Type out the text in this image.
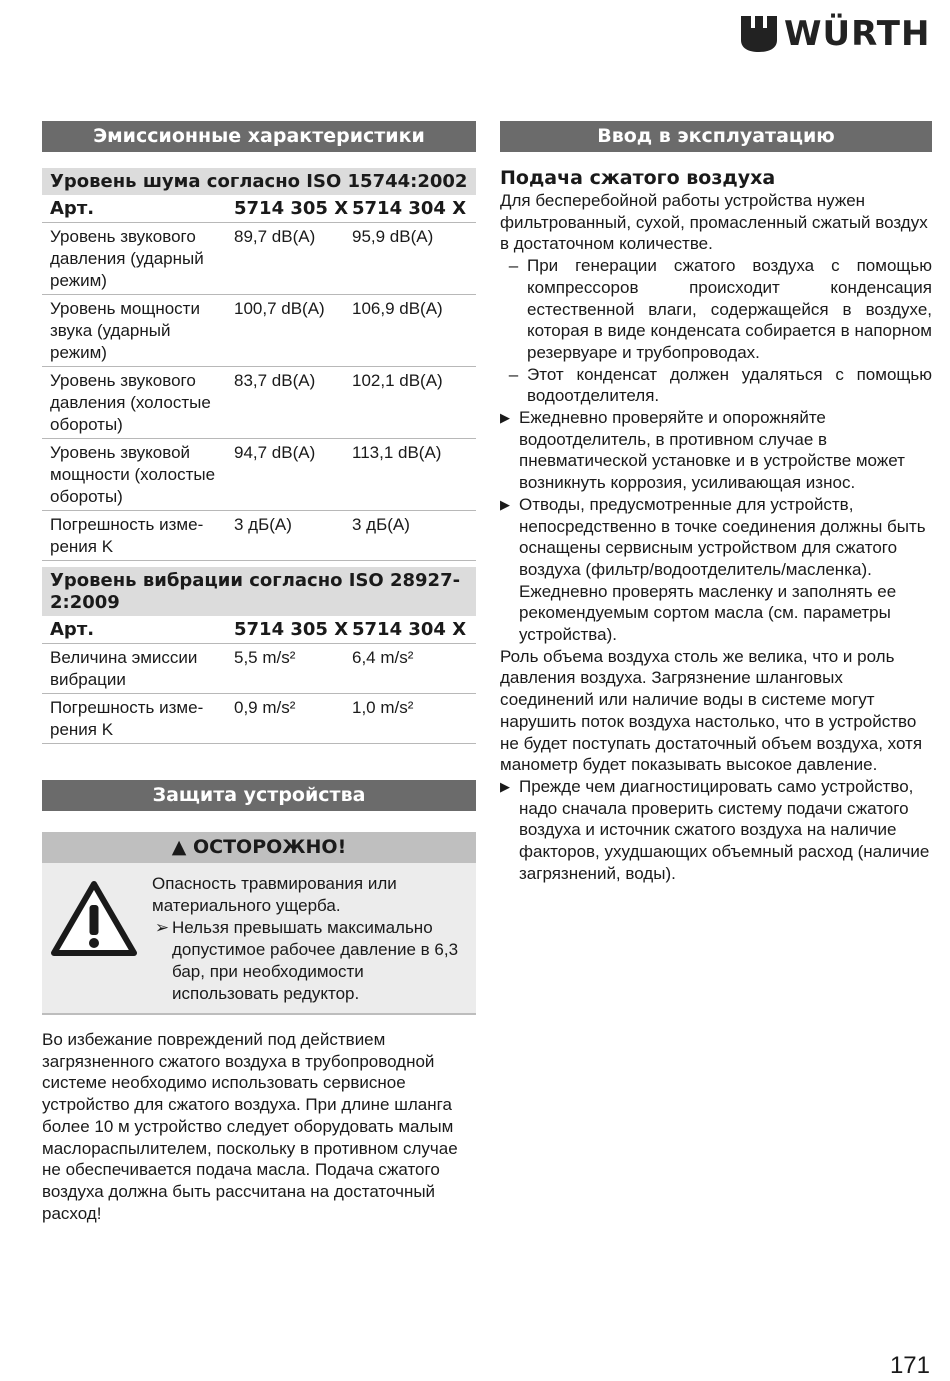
WÜRTH
Эмиссионные характеристики
Уровень шума согласно ISO 15744:2002
Арт.	5714 305 X 5714 304 X
Уровень звукового давления (ударный режим)
89,7 dB(A)	95,9 dB(A)
Уровень мощности звука (ударный режим)
100,7 dB(A)	106,9 dB(A)
Уровень звукового давления (холостые обороты)
83,7 dB(A)	102,1 dB(A)
Уровень звуковой мощности (холостые обороты)
94,7 dB(A)	113,1 dB(A)
Погрешность изме- рения K
3 дБ(A)	3 дБ(A)
Уровень вибрации согласно ISO 28927-2:2009
Арт.	5714 305 X 5714 304 X
Величина эмиссии вибрации
5,5 m/s²	6,4 m/s²
Погрешность изме- рения K
0,9 m/s²	1,0 m/s²
Защита устройства
▲ ОСТОРОЖНО!
Опасность травмирования или материального ущерба.
➢ Нельзя превышать максимально допустимое рабочее давление в 6,3 бар, при необходимости использовать редуктор.

Во избежание повреждений под действием загрязненного сжатого воздуха в трубопроводной системе необходимо использовать сервисное устройство для сжатого воздуха. При длине шланга более 10 м устройство следует оборудовать малым маслораспылителем, поскольку в противном случае не обеспечивается подача масла. Подача сжатого воздуха должна быть рассчитана на достаточный расход!

Ввод в эксплуатацию
Подача сжатого воздуха

Для бесперебойной работы устройства нужен фильтрованный, сухой, промасленный сжатый воздух в достаточном количестве.

– При генерации сжатого воздуха с помощью компрессоров происходит конденсация естественной влаги, содержащейся в воздухе, которая в виде конденсата собирается в напорном резервуаре и трубопроводах.
– Этот конденсат должен удаляться с помощью водоотделителя.
▶ Ежедневно проверяйте и опорожняйте водоотделитель, в противном случае в пневматической установке и в устройстве может возникнуть коррозия, усиливающая износ.
▶ Отводы, предусмотренные для устройств, непосредственно в точке соединения должны быть оснащены сервисным устройством для сжатого воздуха (фильтр/водоотделитель/масленка). Ежедневно проверять масленку и заполнять ее рекомендуемым сортом масла (см. параметры устройства).

Роль объема воздуха столь же велика, что и роль давления воздуха. Загрязнение шланговых соединений или наличие воды в системе могут нарушить поток воздуха настолько, что в устройство не будет поступать достаточный объем воздуха, хотя манометр будет показывать высокое давление.

▶ Прежде чем диагностицировать само устройство, надо сначала проверить систему подачи сжатого воздуха и источник сжатого воздуха на наличие факторов, ухудшающих объемный расход (наличие загрязнений, воды).
171
